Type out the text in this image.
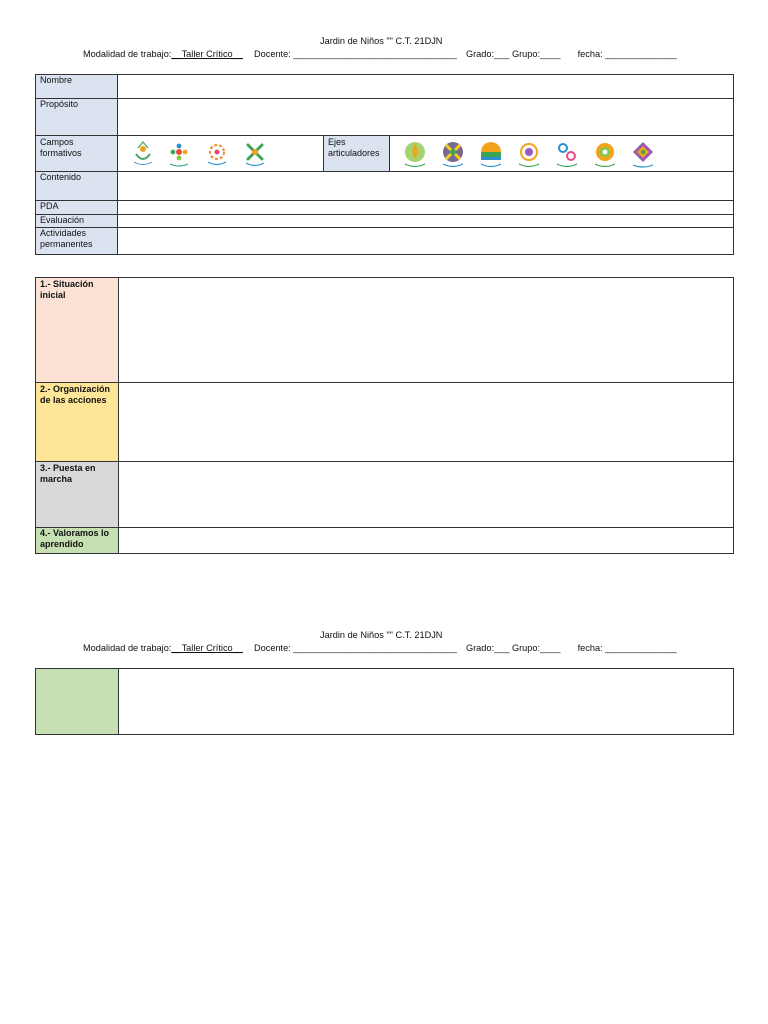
Jardin de Niños "" C.T. 21DJN
Modalidad de trabajo:__Taller Crítico__ Docente: ________________________________ Grado:___ Grupo:____ fecha: ______________
Nombre			
Propósito			
Campos formativos		Ejes articuladores	

Contenido			
PDA			
Evaluación			
Actividades permanentes			
1.- Situación inicial	
2.- Organización de las acciones	
3.- Puesta en marcha	
4.- Valoramos lo aprendido	
Jardin de Niños "" C.T. 21DJN
Modalidad de trabajo:__Taller Crítico__ Docente: ________________________________ Grado:___ Grupo:____ fecha: ______________
